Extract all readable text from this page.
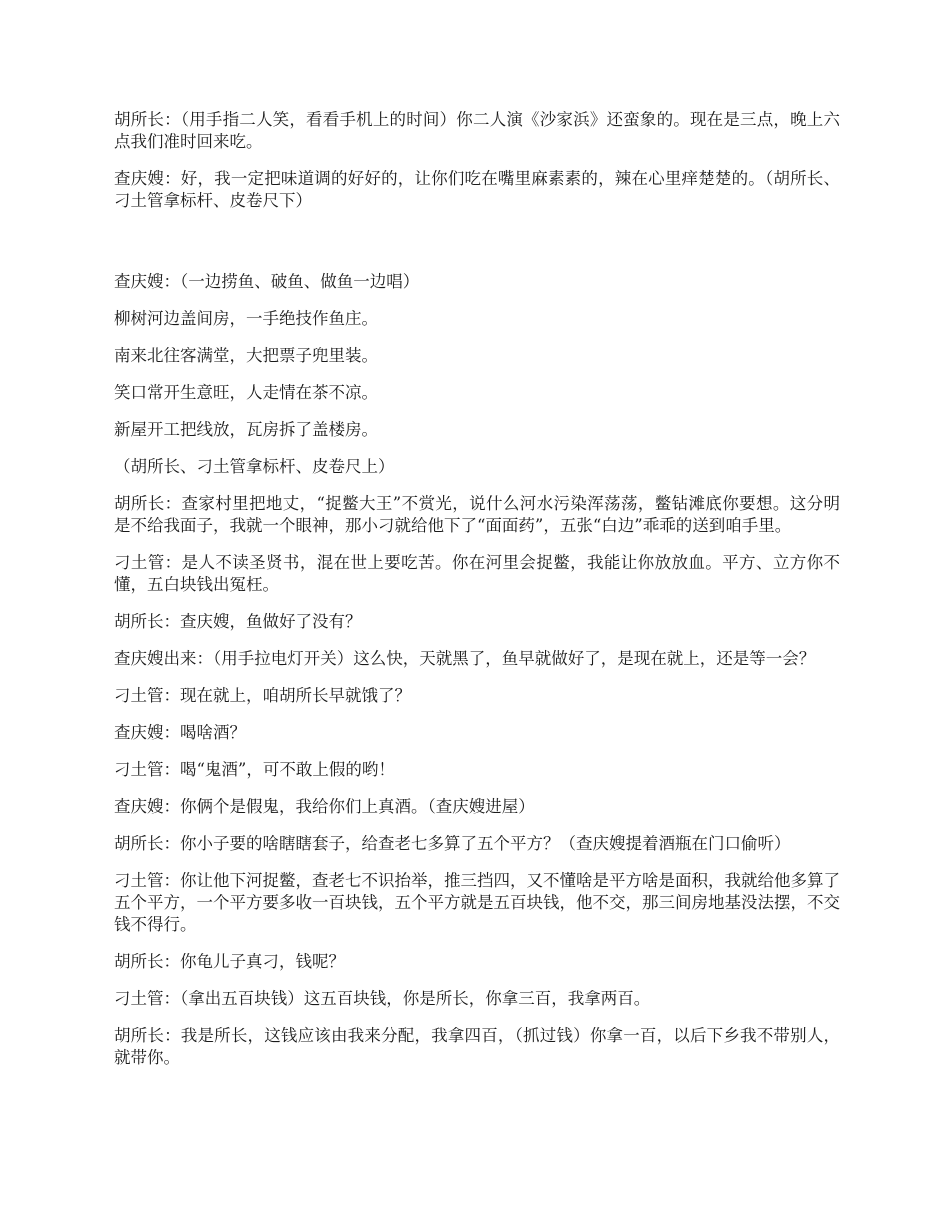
胡所长：（用手指二人笑，看看手机上的时间）你二人演《沙家浜》还蛮象的。现在是三点，晚上六点我们准时回来吃。

查庆嫂：好，我一定把味道调的好好的，让你们吃在嘴里麻素素的，辣在心里痒楚楚的。（胡所长、刁土管拿标杆、皮卷尺下）

查庆嫂：（一边捞鱼、破鱼、做鱼一边唱）

柳树河边盖间房，一手绝技作鱼庄。

南来北往客满堂，大把票子兜里装。

笑口常开生意旺，人走情在茶不凉。

新屋开工把线放，瓦房拆了盖楼房。

（胡所长、刁土管拿标杆、皮卷尺上）

胡所长：查家村里把地丈，“捉鳖大王”不赏光，说什么河水污染浑荡荡，鳖钻滩底你要想。这分明是不给我面子，我就一个眼神，那小刁就给他下了“面面药”，五张“白边”乖乖的送到咱手里。

刁土管：是人不读圣贤书，混在世上要吃苦。你在河里会捉鳖，我能让你放放血。平方、立方你不懂，五白块钱出冤枉。

胡所长：查庆嫂，鱼做好了没有？

查庆嫂出来：（用手拉电灯开关）这么快，天就黑了，鱼早就做好了，是现在就上，还是等一会？

刁土管：现在就上，咱胡所长早就饿了？

查庆嫂：喝啥酒？

刁土管：喝“鬼酒”，可不敢上假的哟！

查庆嫂：你俩个是假鬼，我给你们上真酒。（查庆嫂进屋）

胡所长：你小子要的啥瞎瞎套子，给查老七多算了五个平方？（查庆嫂提着酒瓶在门口偷听）

刁土管：你让他下河捉鳖，查老七不识抬举，推三挡四，又不懂啥是平方啥是面积，我就给他多算了五个平方，一个平方要多收一百块钱，五个平方就是五百块钱，他不交，那三间房地基没法摆，不交钱不得行。

胡所长：你龟儿子真刁，钱呢？

刁土管：（拿出五百块钱）这五百块钱，你是所长，你拿三百，我拿两百。

胡所长：我是所长，这钱应该由我来分配，我拿四百，（抓过钱）你拿一百，以后下乡我不带别人，就带你。
